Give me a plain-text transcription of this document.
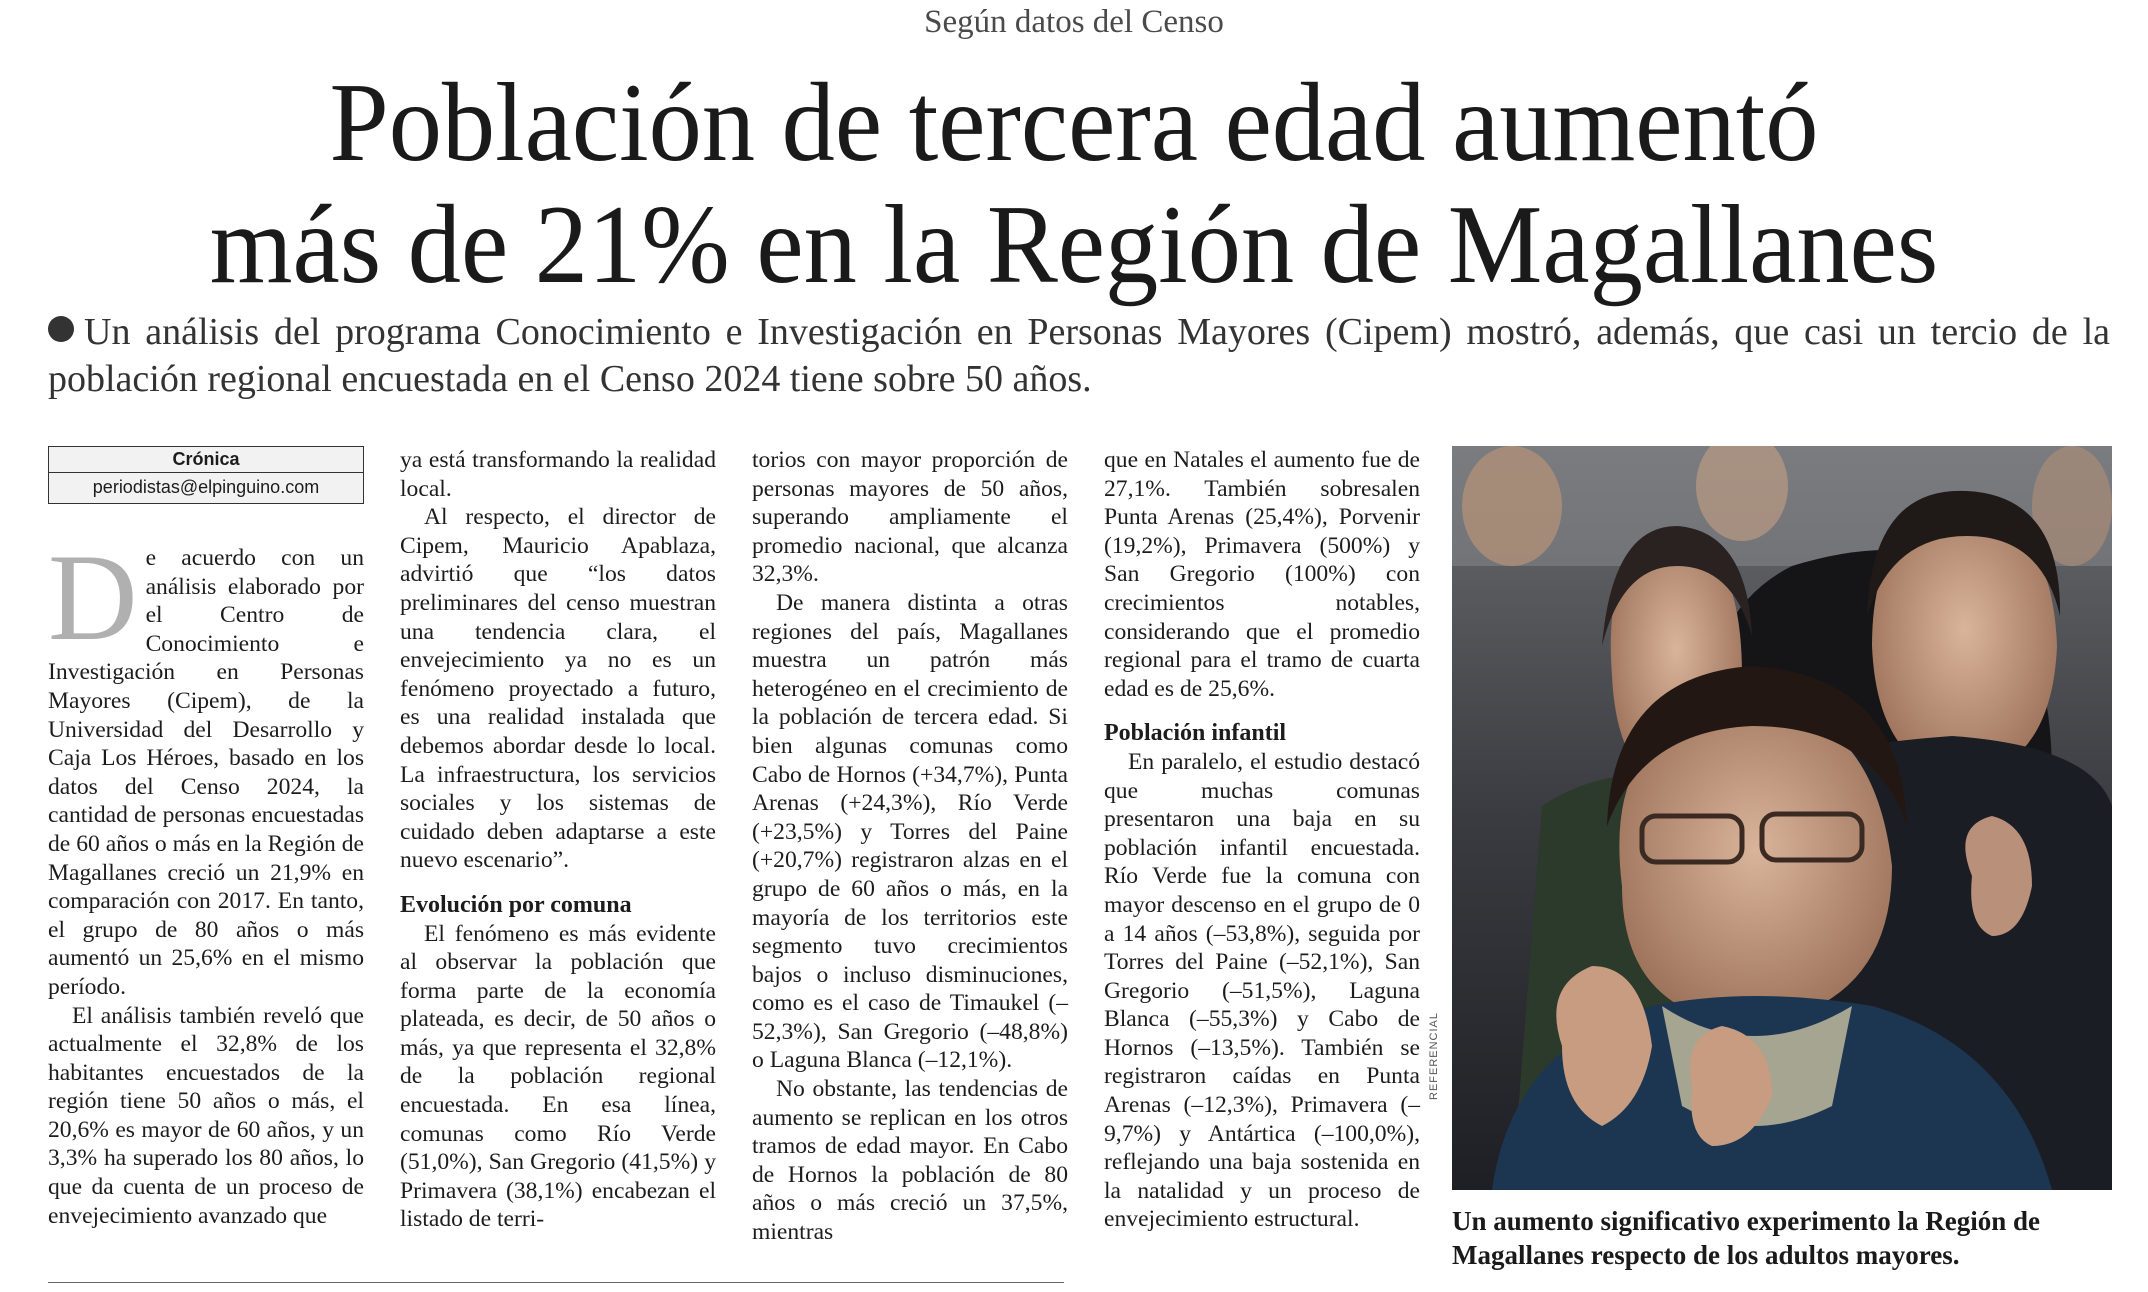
Según datos del Censo
Población de tercera edad aumentó
más de 21% en la Región de Magallanes

Un análisis del programa Conocimiento e Investigación en Personas Mayores (Cipem) mostró, además, que casi un tercio de la población regional encuestada en el Censo 2024 tiene sobre 50 años.

Crónica
periodistas@elpinguino.com

De acuerdo con un análisis elaborado por el Centro de Conocimiento e Investigación en Personas Mayores (Cipem), de la Universidad del Desarrollo y Caja Los Héroes, basado en los datos del Censo 2024, la cantidad de personas encuestadas de 60 años o más en la Región de Magallanes creció un 21,9% en comparación con 2017. En tanto, el grupo de 80 años o más aumentó un 25,6% en el mismo período.

El análisis también reveló que actualmente el 32,8% de los habitantes encuestados de la región tiene 50 años o más, el 20,6% es mayor de 60 años, y un 3,3% ha superado los 80 años, lo que da cuenta de un proceso de envejecimiento avanzado que

ya está transformando la realidad local.

Al respecto, el director de Cipem, Mauricio Apablaza, advirtió que “los datos preliminares del censo muestran una tendencia clara, el envejecimiento ya no es un fenómeno proyectado a futuro, es una realidad instalada que debemos abordar desde lo local. La infraestructura, los servicios sociales y los sistemas de cuidado deben adaptarse a este nuevo escenario”.

Evolución por comuna

El fenómeno es más evidente al observar la población que forma parte de la economía plateada, es decir, de 50 años o más, ya que representa el 32,8% de la población regional encuestada. En esa línea, comunas como Río Verde (51,0%), San Gregorio (41,5%) y Primavera (38,1%) encabezan el listado de terri-

torios con mayor proporción de personas mayores de 50 años, superando ampliamente el promedio nacional, que alcanza 32,3%.

De manera distinta a otras regiones del país, Magallanes muestra un patrón más heterogéneo en el crecimiento de la población de tercera edad. Si bien algunas comunas como Cabo de Hornos (+34,7%), Punta Arenas (+24,3%), Río Verde (+23,5%) y Torres del Paine (+20,7%) registraron alzas en el grupo de 60 años o más, en la mayoría de los territorios este segmento tuvo crecimientos bajos o incluso disminuciones, como es el caso de Timaukel (–52,3%), San Gregorio (–48,8%) o Laguna Blanca (–12,1%).

No obstante, las tendencias de aumento se replican en los otros tramos de edad mayor. En Cabo de Hornos la población de 80 años o más creció un 37,5%, mientras

que en Natales el aumento fue de 27,1%. También sobresalen Punta Arenas (25,4%), Porvenir (19,2%), Primavera (500%) y San Gregorio (100%) con crecimientos notables, considerando que el promedio regional para el tramo de cuarta edad es de 25,6%.

Población infantil

En paralelo, el estudio destacó que muchas comunas presentaron una baja en su población infantil encuestada. Río Verde fue la comuna con mayor descenso en el grupo de 0 a 14 años (–53,8%), seguida por Torres del Paine (–52,1%), San Gregorio (–51,5%), Laguna Blanca (–55,3%) y Cabo de Hornos (–13,5%). También se registraron caídas en Punta Arenas (–12,3%), Primavera (–9,7%) y Antártica (–100,0%), reflejando una baja sostenida en la natalidad y un proceso de envejecimiento estructural.

REFERENCIAL

Un aumento significativo experimento la Región de Magallanes respecto de los adultos mayores.
